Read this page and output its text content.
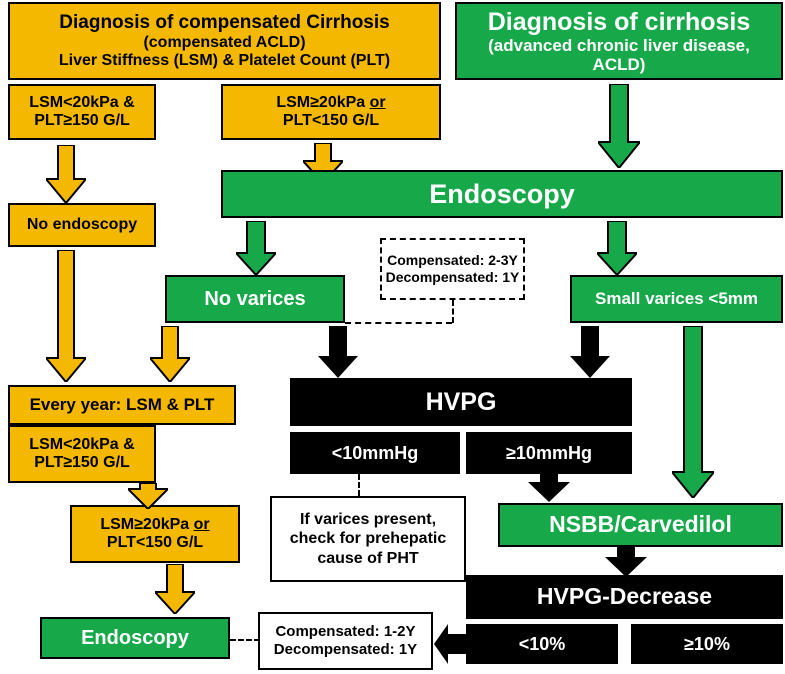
Diagnosis of cirrhosis
(advanced chronic liver disease,
ACLD)
Diagnosis of compensated Cirrhosis
(compensated ACLD)
Liver Stiffness (LSM) & Platelet Count (PLT)
LSM<20kPa &
PLT≥150 G/L
LSM≥20kPa or
PLT<150 G/L
No endoscopy
Endoscopy
No varices	Small varices <5mm
Compensated: 2-3Y
Decompensated: 1Y
Every year: LSM & PLT
LSM<20kPa &
PLT≥150 G/L
LSM≥20kPa or
PLT<150 G/L
Endoscopy	Compensated: 1-2Y
Decompensated: 1Y
HVPG
<10mmHg	≥10mmHg
If varices present,
check for prehepatic
cause of PHT
NSBB/Carvedilol
HVPG-Decrease
<10%	≥10%
